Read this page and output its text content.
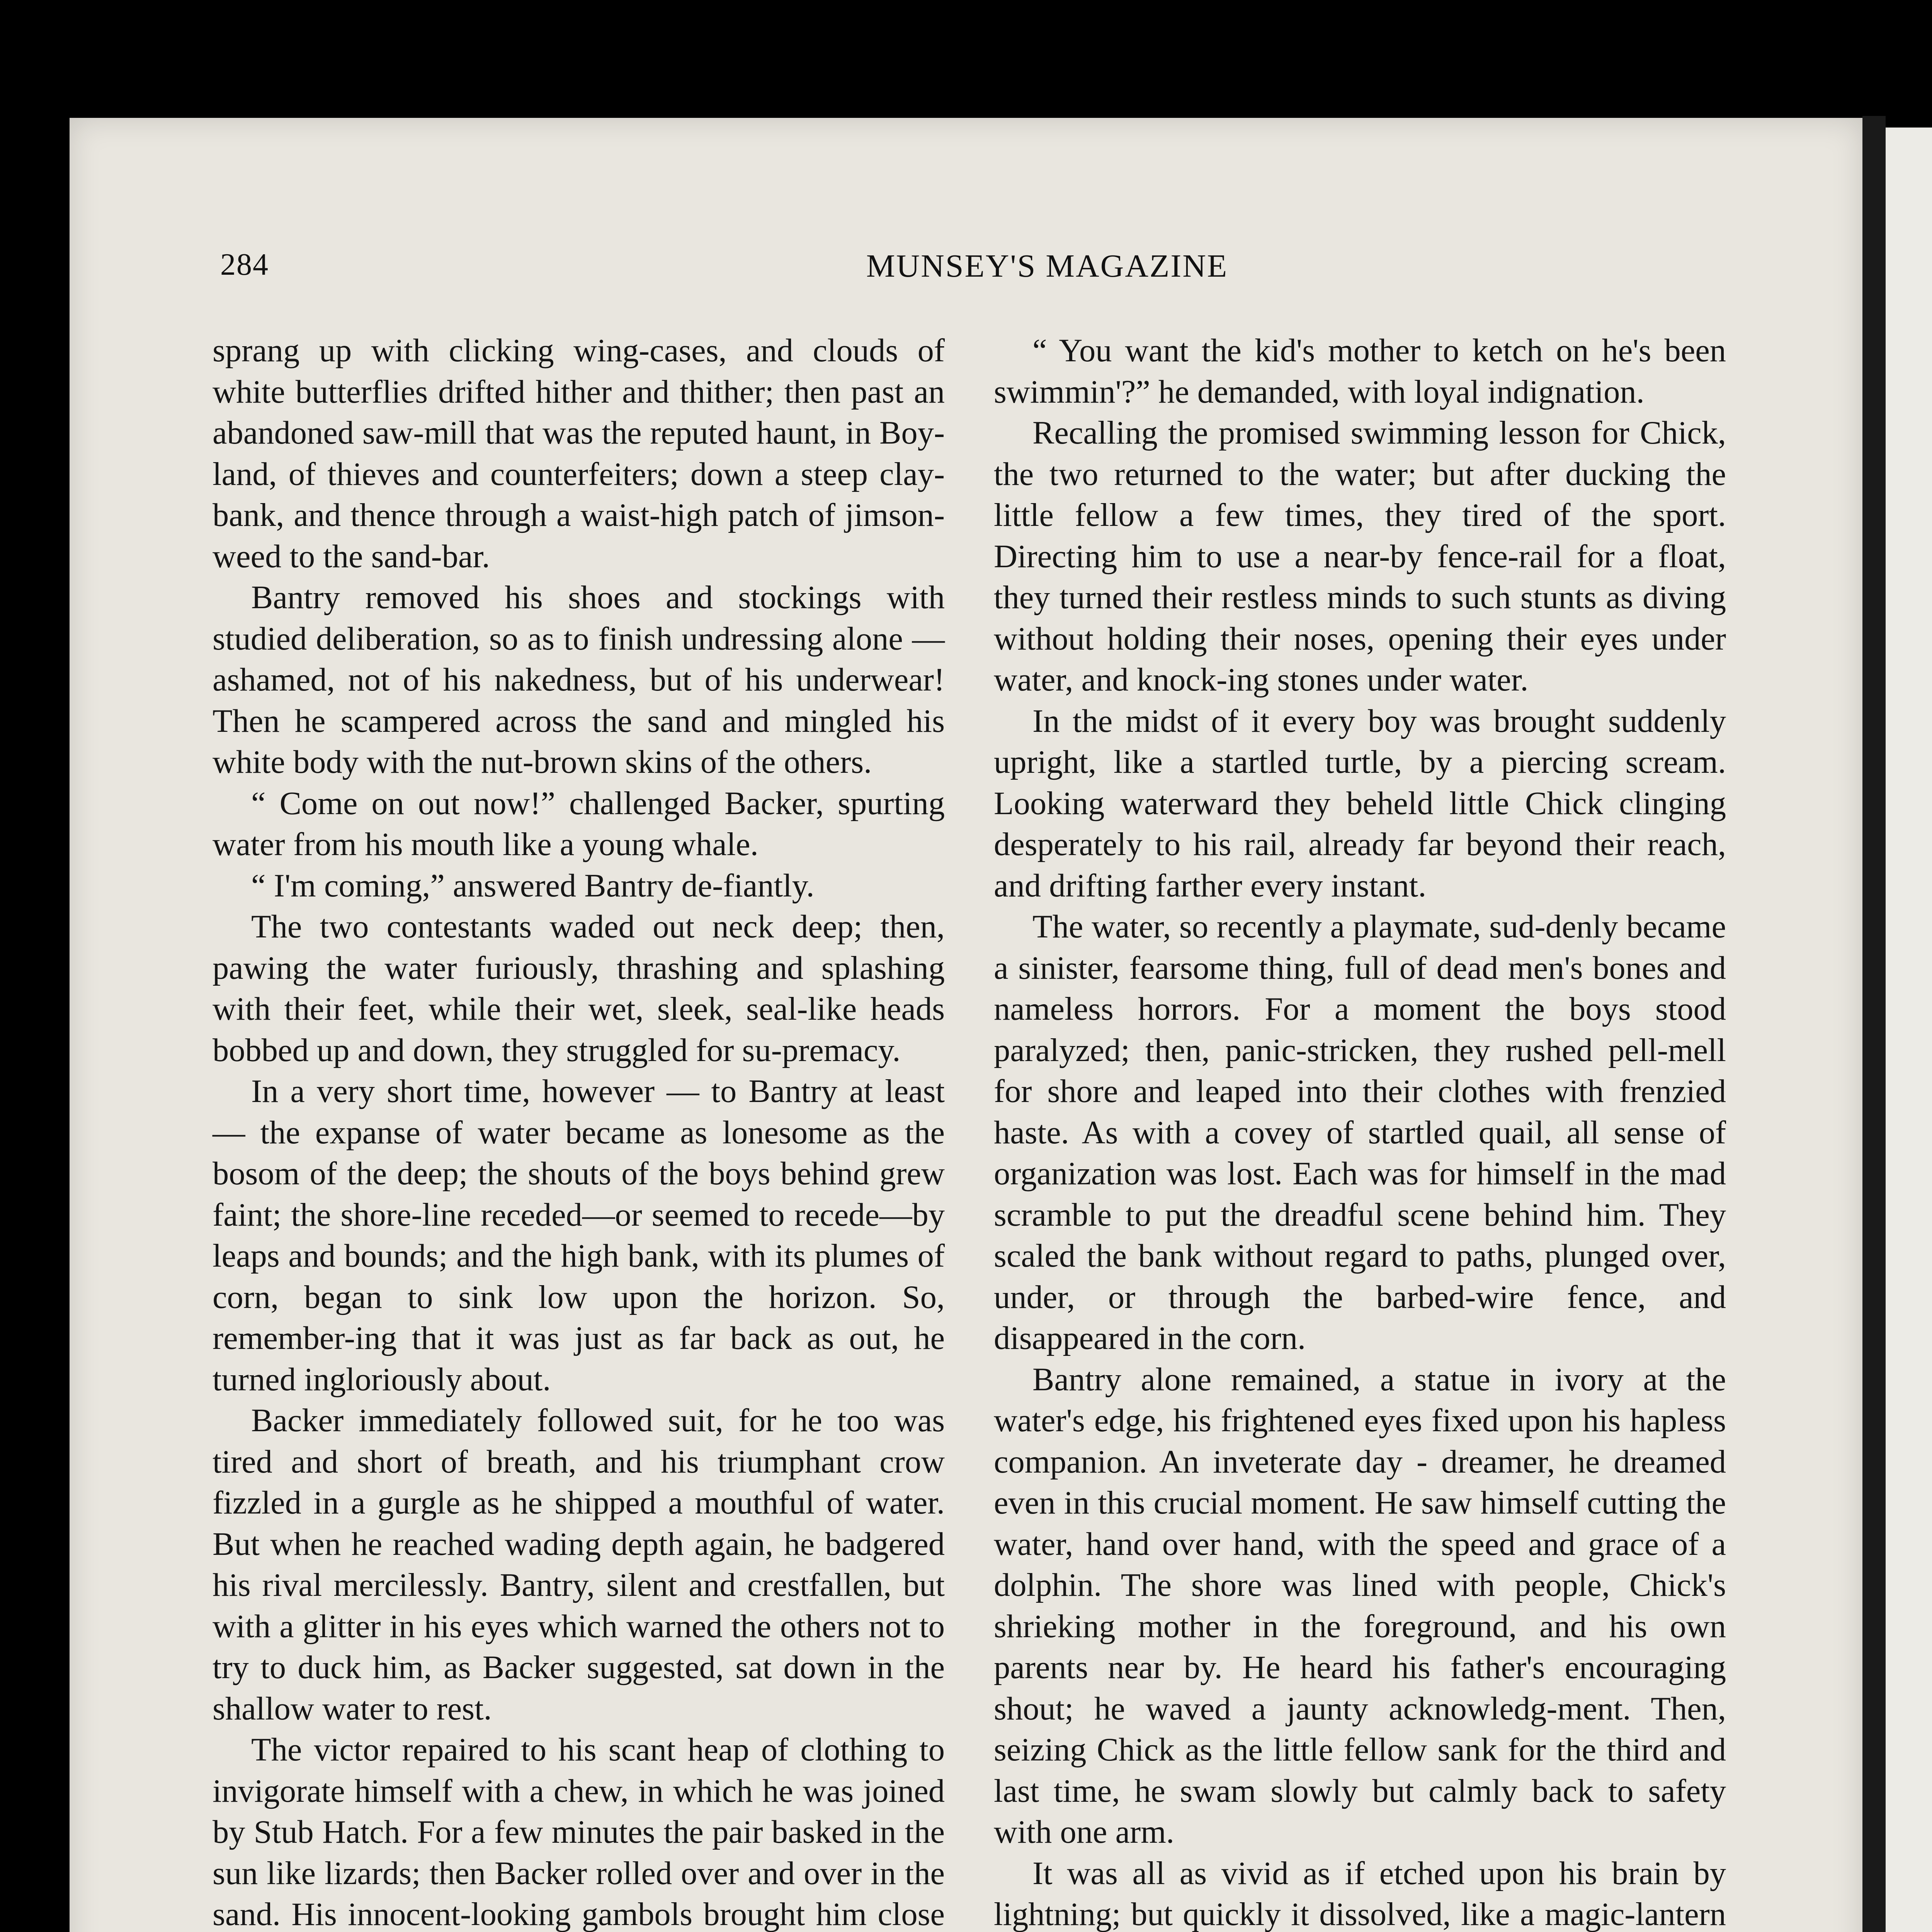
284	MUNSEY'S MAGAZINE

sprang up with clicking wing-cases, and clouds of white butterflies drifted hither and thither; then past an abandoned saw-mill that was the reputed haunt, in Boy-land, of thieves and counterfeiters; down a steep clay-bank, and thence through a waist-high patch of jimson-weed to the sand-bar.

Bantry removed his shoes and stockings with studied deliberation, so as to finish undressing alone — ashamed, not of his nakedness, but of his underwear! Then he scampered across the sand and mingled his white body with the nut-brown skins of the others.

“ Come on out now!” challenged Backer, spurting water from his mouth like a young whale.

“ I'm coming,” answered Bantry de-fiantly.

The two contestants waded out neck deep; then, pawing the water furiously, thrashing and splashing with their feet, while their wet, sleek, seal-like heads bobbed up and down, they struggled for su-premacy.

In a very short time, however — to Bantry at least — the expanse of water became as lonesome as the bosom of the deep; the shouts of the boys behind grew faint; the shore-line receded—or seemed to recede—by leaps and bounds; and the high bank, with its plumes of corn, began to sink low upon the horizon. So, remember-ing that it was just as far back as out, he turned ingloriously about.

Backer immediately followed suit, for he too was tired and short of breath, and his triumphant crow fizzled in a gurgle as he shipped a mouthful of water. But when he reached wading depth again, he badgered his rival mercilessly. Bantry, silent and crestfallen, but with a glitter in his eyes which warned the others not to try to duck him, as Backer suggested, sat down in the shallow water to rest.

The victor repaired to his scant heap of clothing to invigorate himself with a chew, in which he was joined by Stub Hatch. For a few minutes the pair basked in the sun like lizards; then Backer rolled over and over in the sand. His innocent-looking gambols brought him close

“ You want the kid's mother to ketch on he's been swimmin'?” he demanded, with loyal indignation.

Recalling the promised swimming lesson for Chick, the two returned to the water; but after ducking the little fellow a few times, they tired of the sport. Directing him to use a near-by fence-rail for a float, they turned their restless minds to such stunts as diving without holding their noses, opening their eyes under water, and knock-ing stones under water.

In the midst of it every boy was brought suddenly upright, like a startled turtle, by a piercing scream. Looking waterward they beheld little Chick clinging desperately to his rail, already far beyond their reach, and drifting farther every instant.

The water, so recently a playmate, sud-denly became a sinister, fearsome thing, full of dead men's bones and nameless horrors. For a moment the boys stood paralyzed; then, panic-stricken, they rushed pell-mell for shore and leaped into their clothes with frenzied haste. As with a covey of startled quail, all sense of organization was lost. Each was for himself in the mad scramble to put the dreadful scene behind him. They scaled the bank without regard to paths, plunged over, under, or through the barbed-wire fence, and disappeared in the corn.

Bantry alone remained, a statue in ivory at the water's edge, his frightened eyes fixed upon his hapless companion. An inveterate day - dreamer, he dreamed even in this crucial moment. He saw himself cutting the water, hand over hand, with the speed and grace of a dolphin. The shore was lined with people, Chick's shrieking mother in the foreground, and his own parents near by. He heard his father's encouraging shout; he waved a jaunty acknowledg-ment. Then, seizing Chick as the little fellow sank for the third and last time, he swam slowly but calmly back to safety with one arm.

It was all as vivid as if etched upon his brain by lightning; but quickly it dissolved, like a magic-lantern
